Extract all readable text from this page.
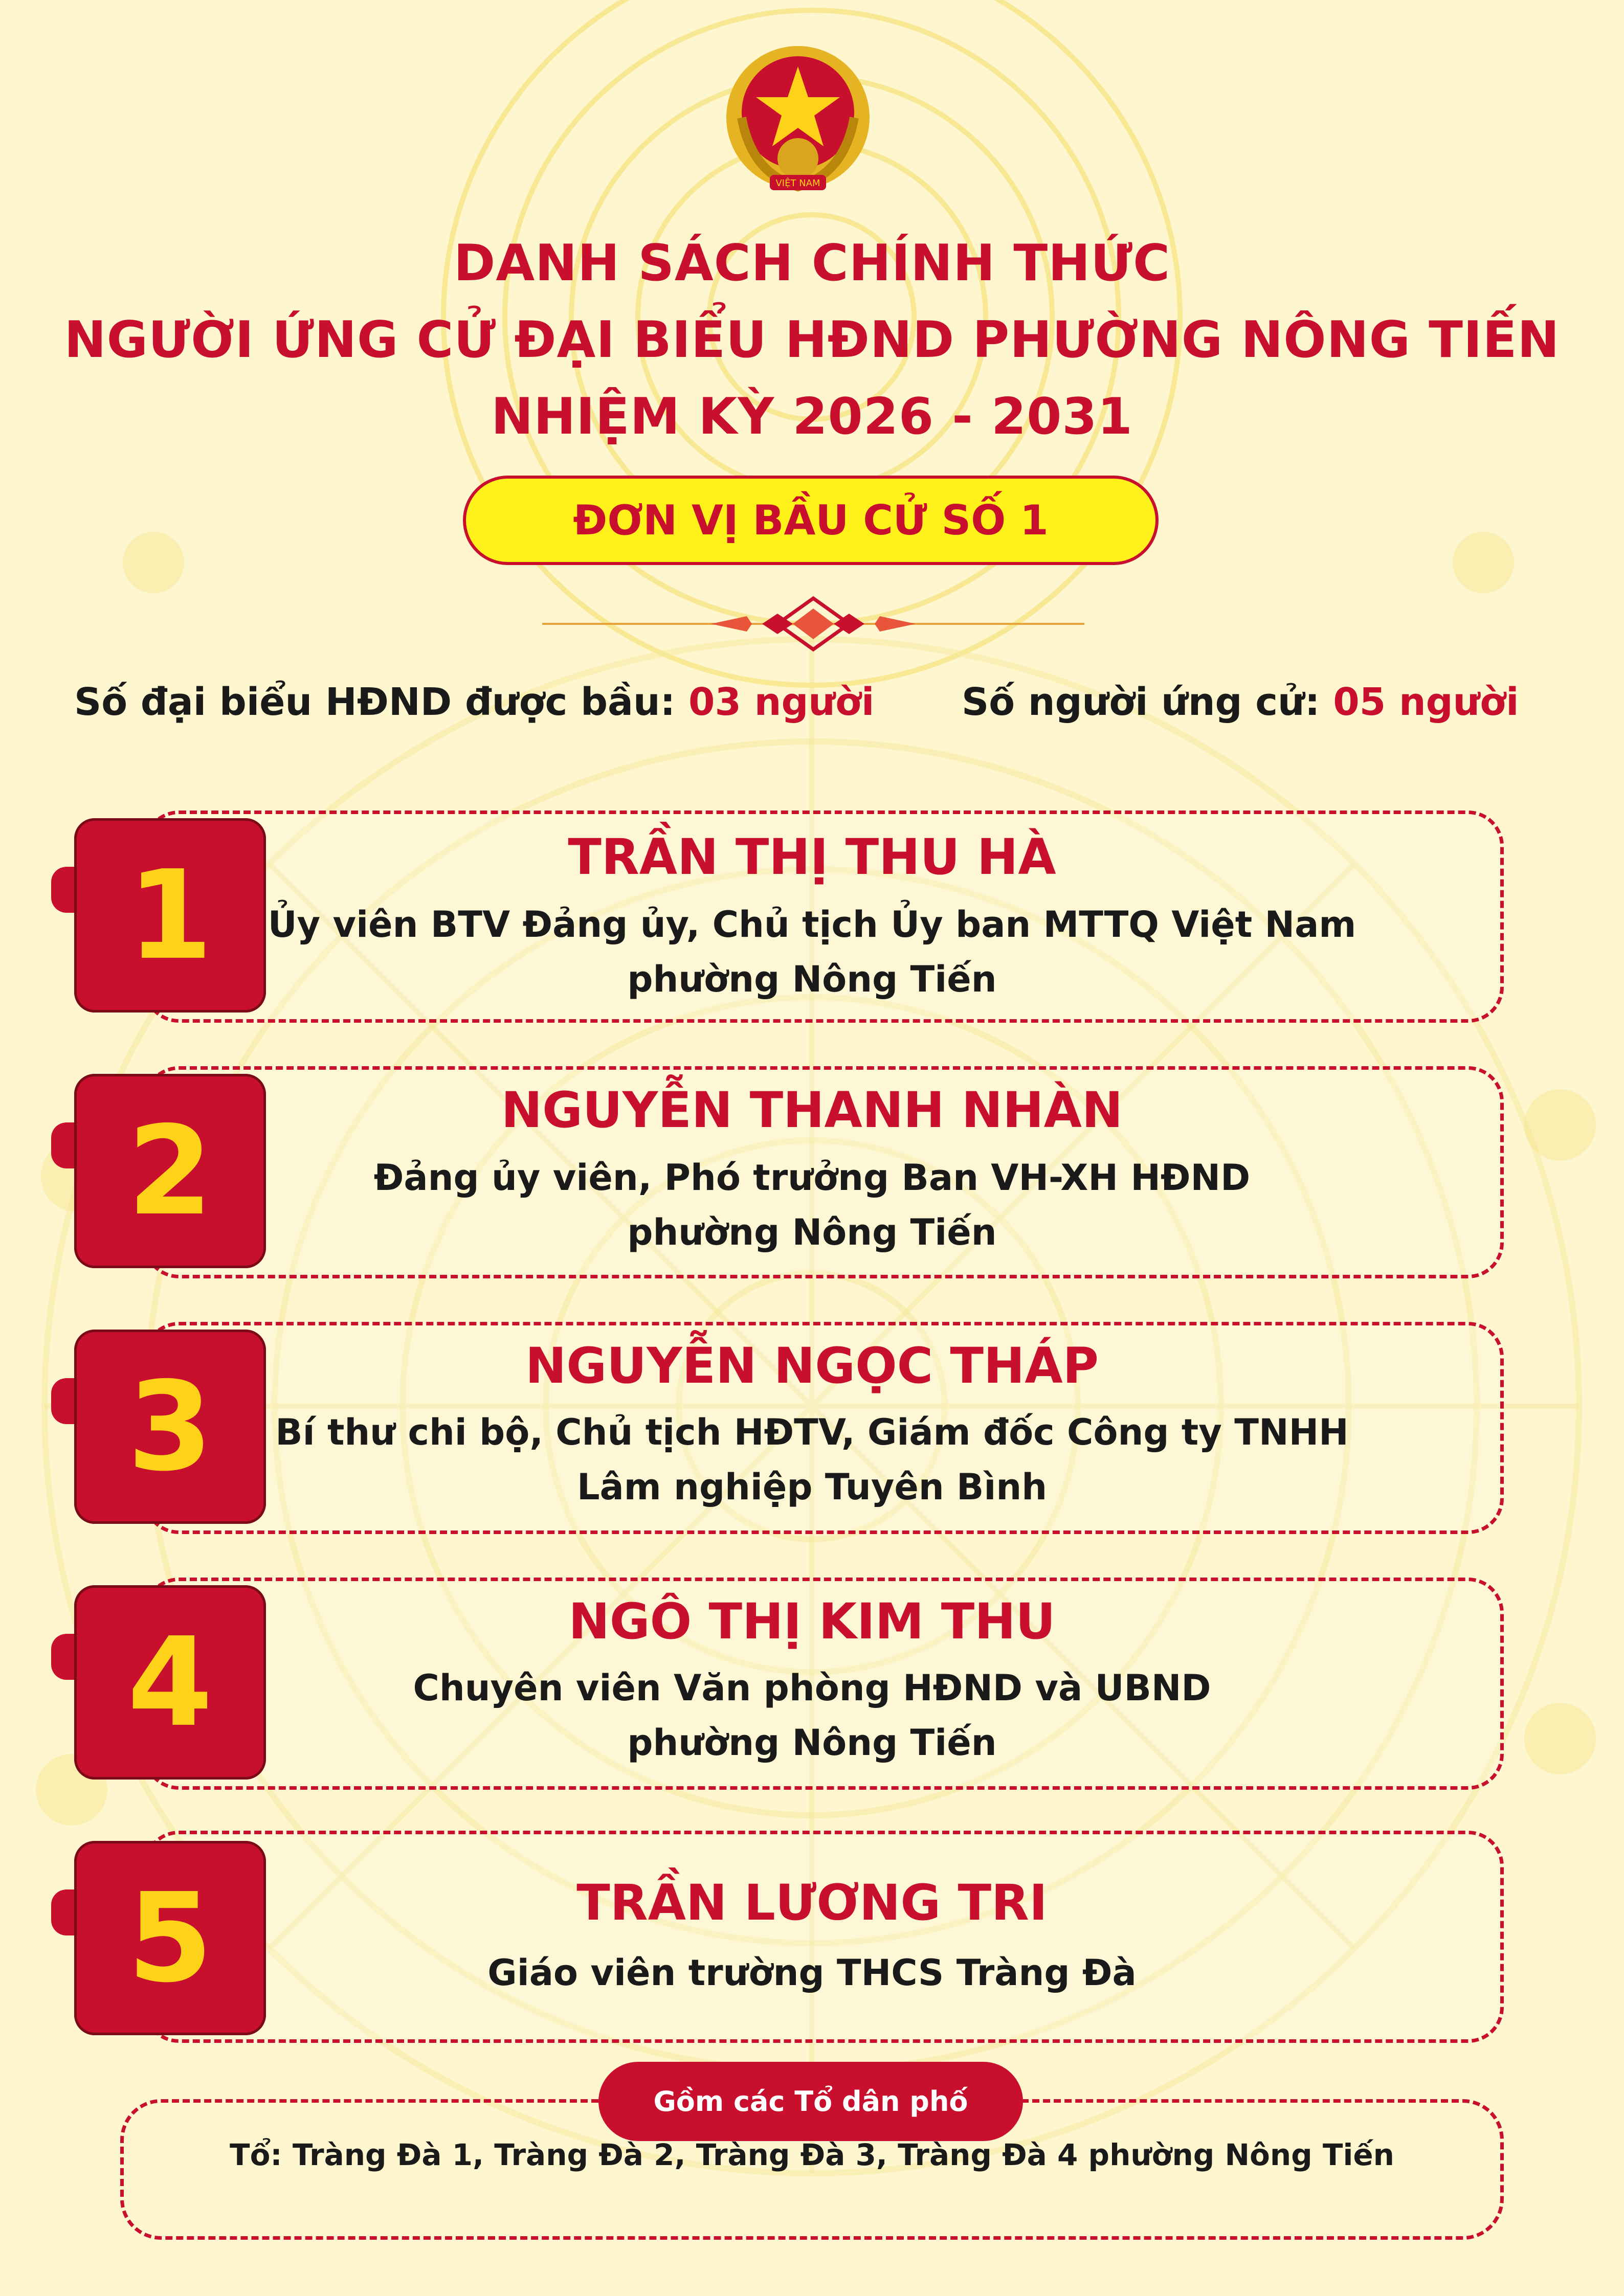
VIỆT NAM
DANH SÁCH CHÍNH THỨC
NGƯỜI ỨNG CỬ ĐẠI BIỂU HĐND PHƯỜNG NÔNG TIẾN
NHIỆM KỲ 2026 - 2031
ĐƠN VỊ BẦU CỬ SỐ 1
Số đại biểu HĐND được bầu: 03 người Số người ứng cử: 05 người
1	TRẦN THỊ THU HÀ
Ủy viên BTV Đảng ủy, Chủ tịch Ủy ban MTTQ Việt Nam
phường Nông Tiến
2	NGUYỄN THANH NHÀN
Đảng ủy viên, Phó trưởng Ban VH-XH HĐND
phường Nông Tiến
3	NGUYỄN NGỌC THÁP
Bí thư chi bộ, Chủ tịch HĐTV, Giám đốc Công ty TNHH
Lâm nghiệp Tuyên Bình
4	NGÔ THỊ KIM THU
Chuyên viên Văn phòng HĐND và UBND
phường Nông Tiến
5	TRẦN LƯƠNG TRI
Giáo viên trường THCS Tràng Đà
Gồm các Tổ dân phố
Tổ: Tràng Đà 1, Tràng Đà 2, Tràng Đà 3, Tràng Đà 4 phường Nông Tiến
